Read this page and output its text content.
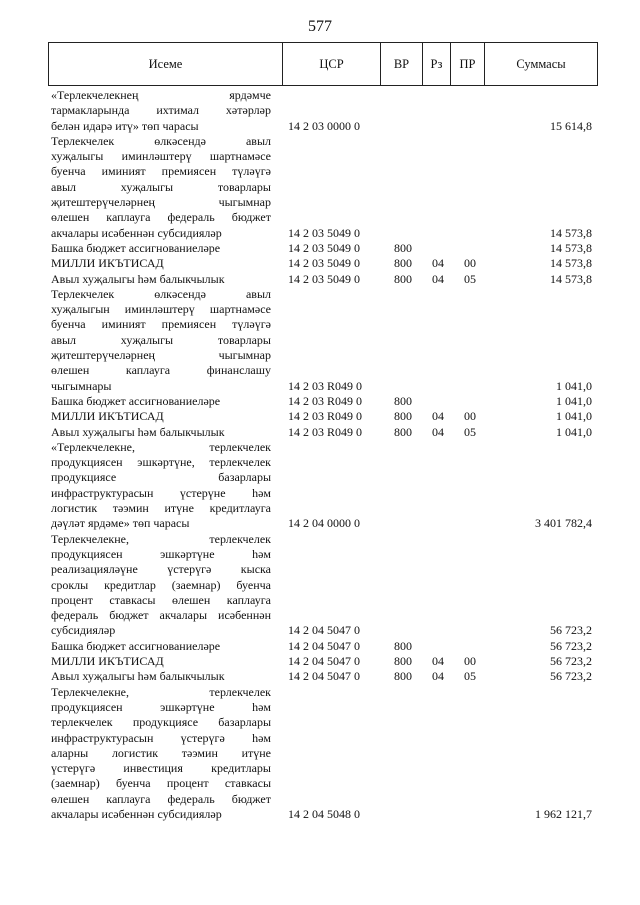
577
Исеме	ЦСР	ВР	Рз	ПР	Суммасы
«Терлекчелекнең ярдәмче
тармакларында ихтимал хәтәрләр
белән идарә итү» төп чарасы	14 2 03 0000 0	15 614,8
Терлекчелек өлкәсендә авыл
хуҗалыгы иминләштерү шартнамәсе
буенча иминият премиясен түләүгә
авыл хуҗалыгы товарлары
җитештерүчеләрнең чыгымнар
өлешен каплауга федераль бюджет
акчалары исәбеннән субсидияләр	14 2 03 5049 0	14 573,8
Башка бюджет ассигнованиеләре	14 2 03 5049 0	800	14 573,8
МИЛЛИ ИКЪТИСАД	14 2 03 5049 0	800 04 00	14 573,8
Авыл хуҗалыгы һәм балыкчылык	14 2 03 5049 0	800 04 05	14 573,8
Терлекчелек өлкәсендә авыл
хуҗалыгын иминләштерү шартнамәсе
буенча иминият премиясен түләүгә
авыл хуҗалыгы товарлары
җитештерүчеләрнең чыгымнар
өлешен каплауга финанслашу
чыгымнары	14 2 03 R049 0	1 041,0
Башка бюджет ассигнованиеләре	14 2 03 R049 0	800	1 041,0
МИЛЛИ ИКЪТИСАД	14 2 03 R049 0	800 04 00	1 041,0
Авыл хуҗалыгы һәм балыкчылык	14 2 03 R049 0	800 04 05	1 041,0
«Терлекчелекне, терлекчелек
продукциясен эшкәртүне, терлекчелек
продукциясе базарлары
инфраструктурасын үстерүне һәм
логистик тәэмин итүне кредитлауга
дәүләт ярдәме» төп чарасы	14 2 04 0000 0	3 401 782,4
Терлекчелекне, терлекчелек
продукциясен эшкәртүне һәм
реализацияләүне үстерүгә кыска
сроклы кредитлар (заемнар) буенча
процент ставкасы өлешен каплауга
федераль бюджет акчалары исәбеннән
субсидияләр	14 2 04 5047 0	56 723,2
Башка бюджет ассигнованиеләре	14 2 04 5047 0	800	56 723,2
МИЛЛИ ИКЪТИСАД	14 2 04 5047 0	800 04 00	56 723,2
Авыл хуҗалыгы һәм балыкчылык	14 2 04 5047 0	800 04 05	56 723,2
Терлекчелекне, терлекчелек
продукциясен эшкәртүне һәм
терлекчелек продукциясе базарлары
инфраструктурасын үстерүгә һәм
аларны логистик тәэмин итүне
үстерүгә инвестиция кредитлары
(заемнар) буенча процент ставкасы
өлешен каплауга федераль бюджет
акчалары исәбеннән субсидияләр	14 2 04 5048 0	1 962 121,7
